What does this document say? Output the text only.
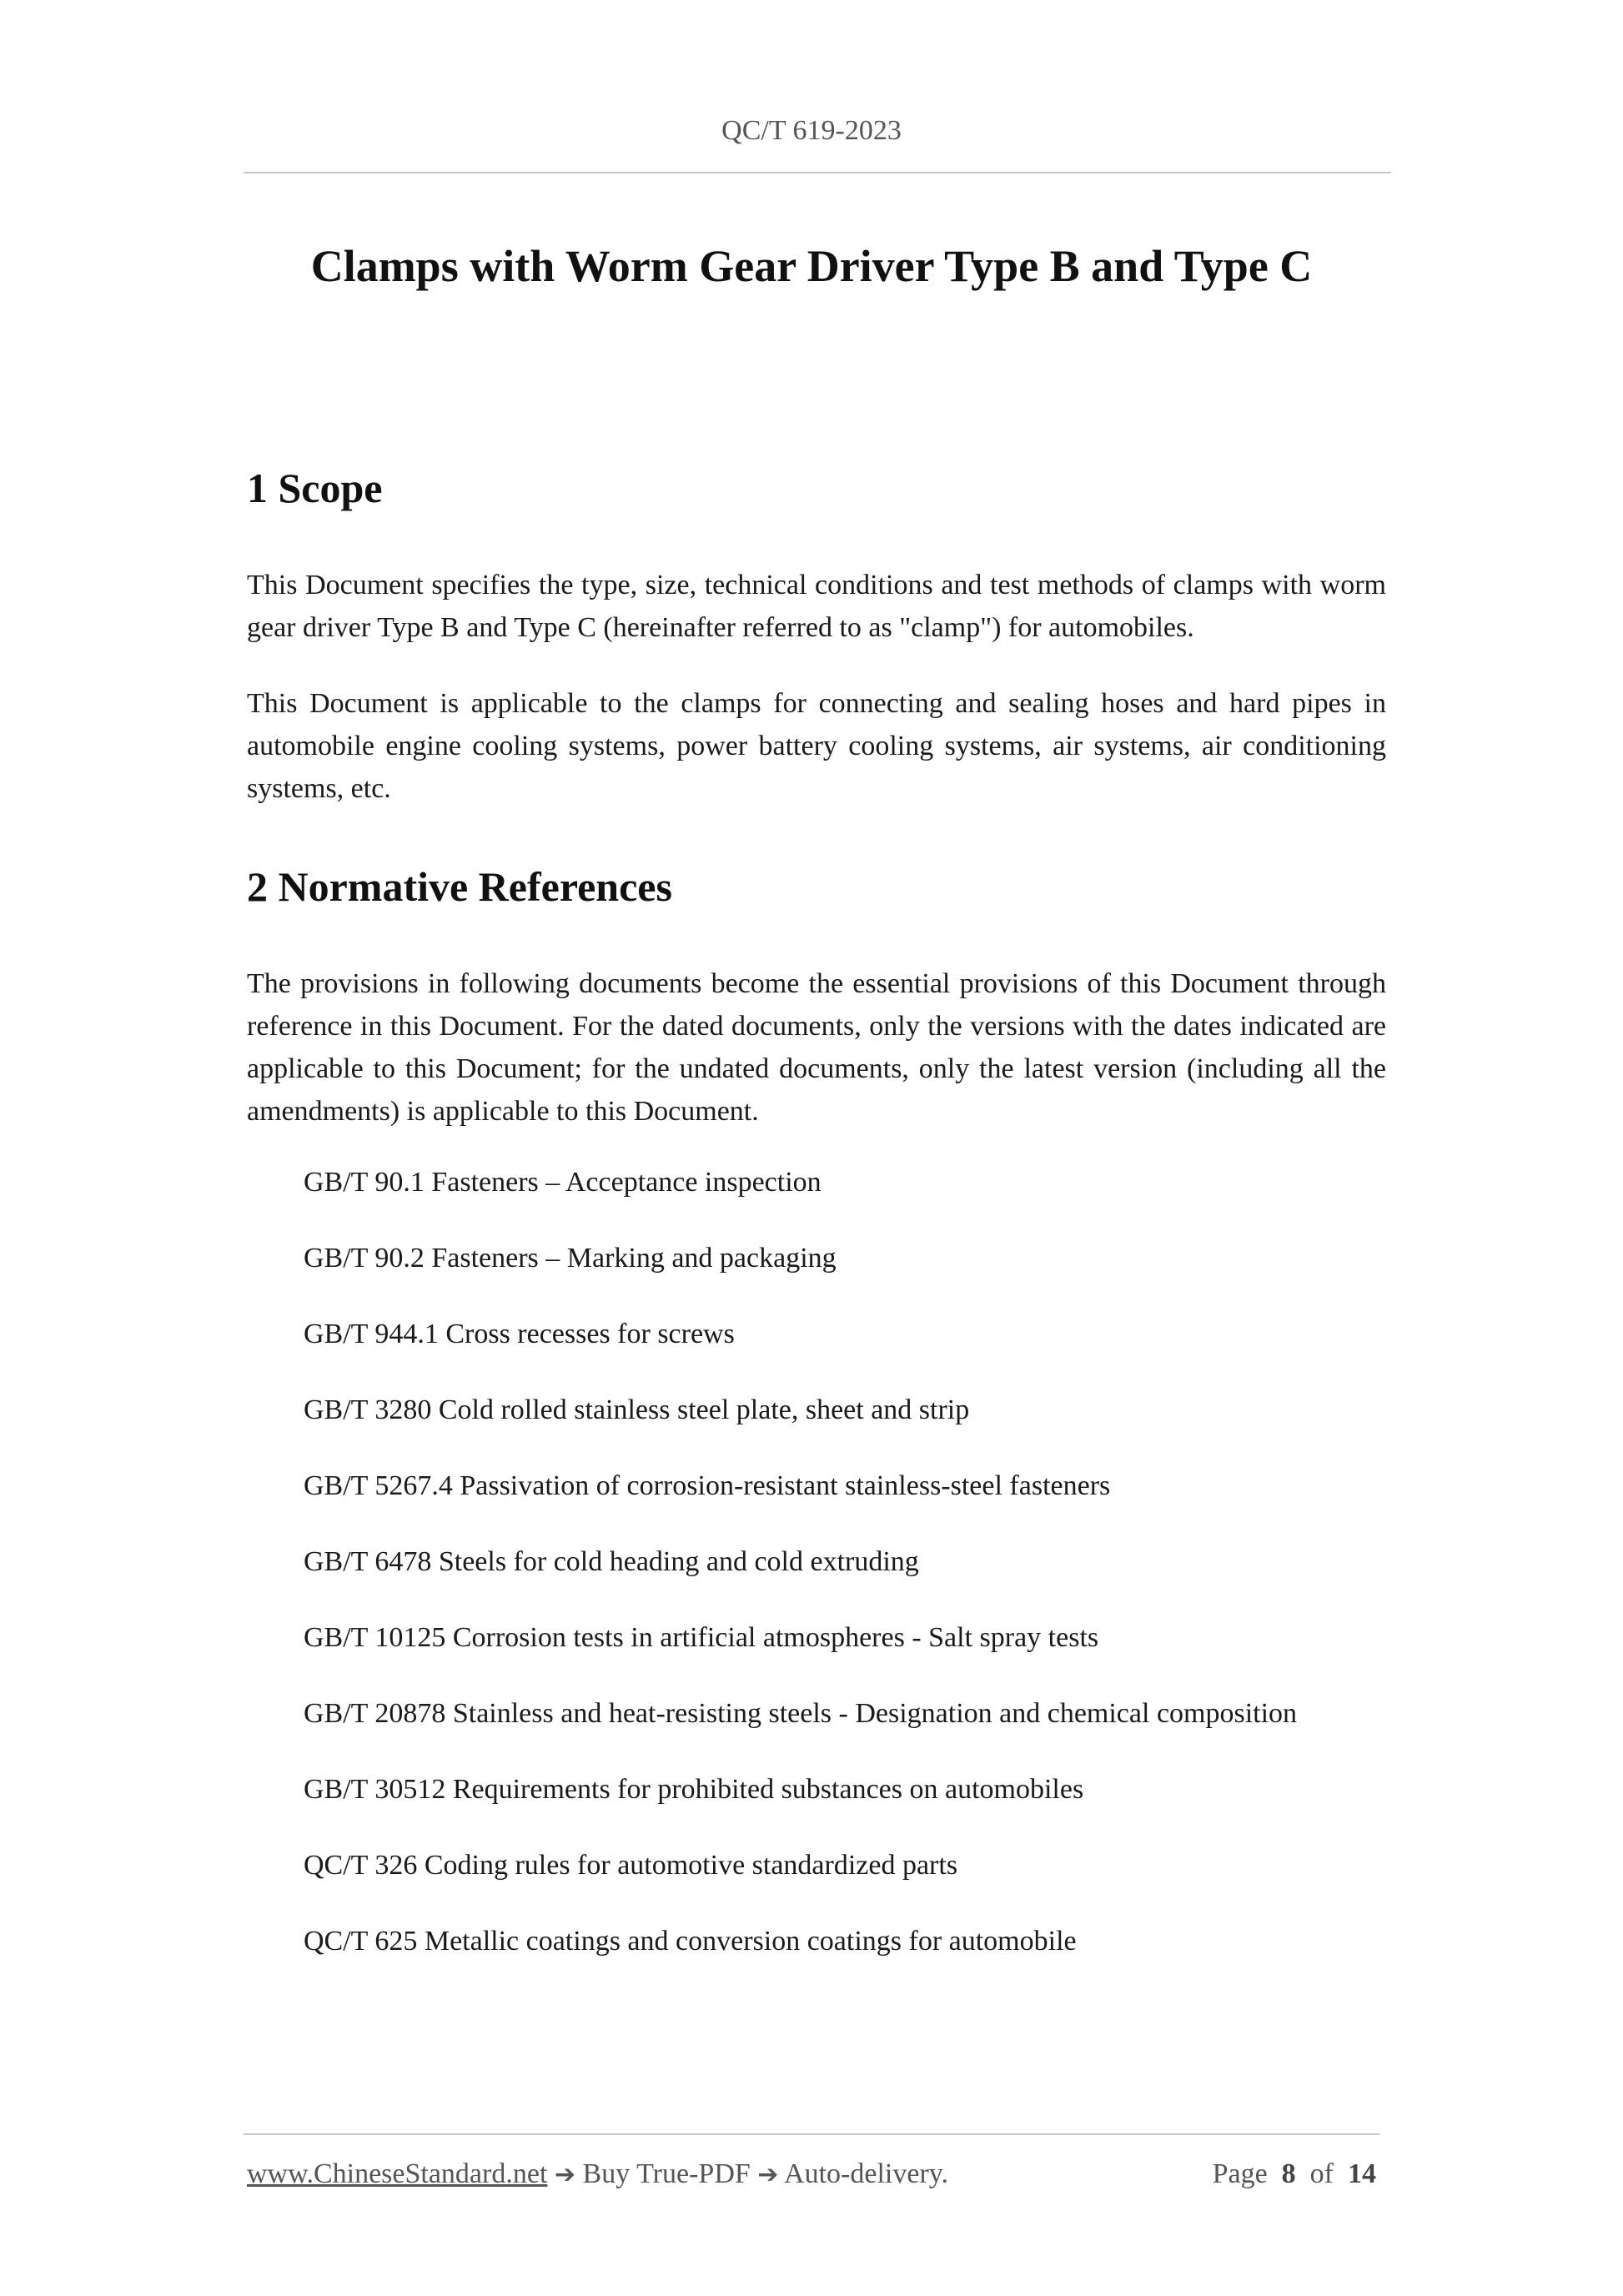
QC/T 619-2023
Clamps with Worm Gear Driver Type B and Type C
1 Scope

This Document specifies the type, size, technical conditions and test methods of clamps with worm gear driver Type B and Type C (hereinafter referred to as "clamp") for automobiles.

This Document is applicable to the clamps for connecting and sealing hoses and hard pipes in automobile engine cooling systems, power battery cooling systems, air systems, air conditioning systems, etc.

2 Normative References

The provisions in following documents become the essential provisions of this Document through reference in this Document. For the dated documents, only the versions with the dates indicated are applicable to this Document; for the undated documents, only the latest version (including all the amendments) is applicable to this Document.

GB/T 90.1 Fasteners – Acceptance inspection
GB/T 90.2 Fasteners – Marking and packaging
GB/T 944.1 Cross recesses for screws
GB/T 3280 Cold rolled stainless steel plate, sheet and strip
GB/T 5267.4 Passivation of corrosion-resistant stainless-steel fasteners
GB/T 6478 Steels for cold heading and cold extruding
GB/T 10125 Corrosion tests in artificial atmospheres - Salt spray tests
GB/T 20878 Stainless and heat-resisting steels - Designation and chemical composition
GB/T 30512 Requirements for prohibited substances on automobiles
QC/T 326 Coding rules for automotive standardized parts
QC/T 625 Metallic coatings and conversion coatings for automobile
www.ChineseStandard.net ➔ Buy True-PDF ➔ Auto-delivery.	Page 8 of 14
